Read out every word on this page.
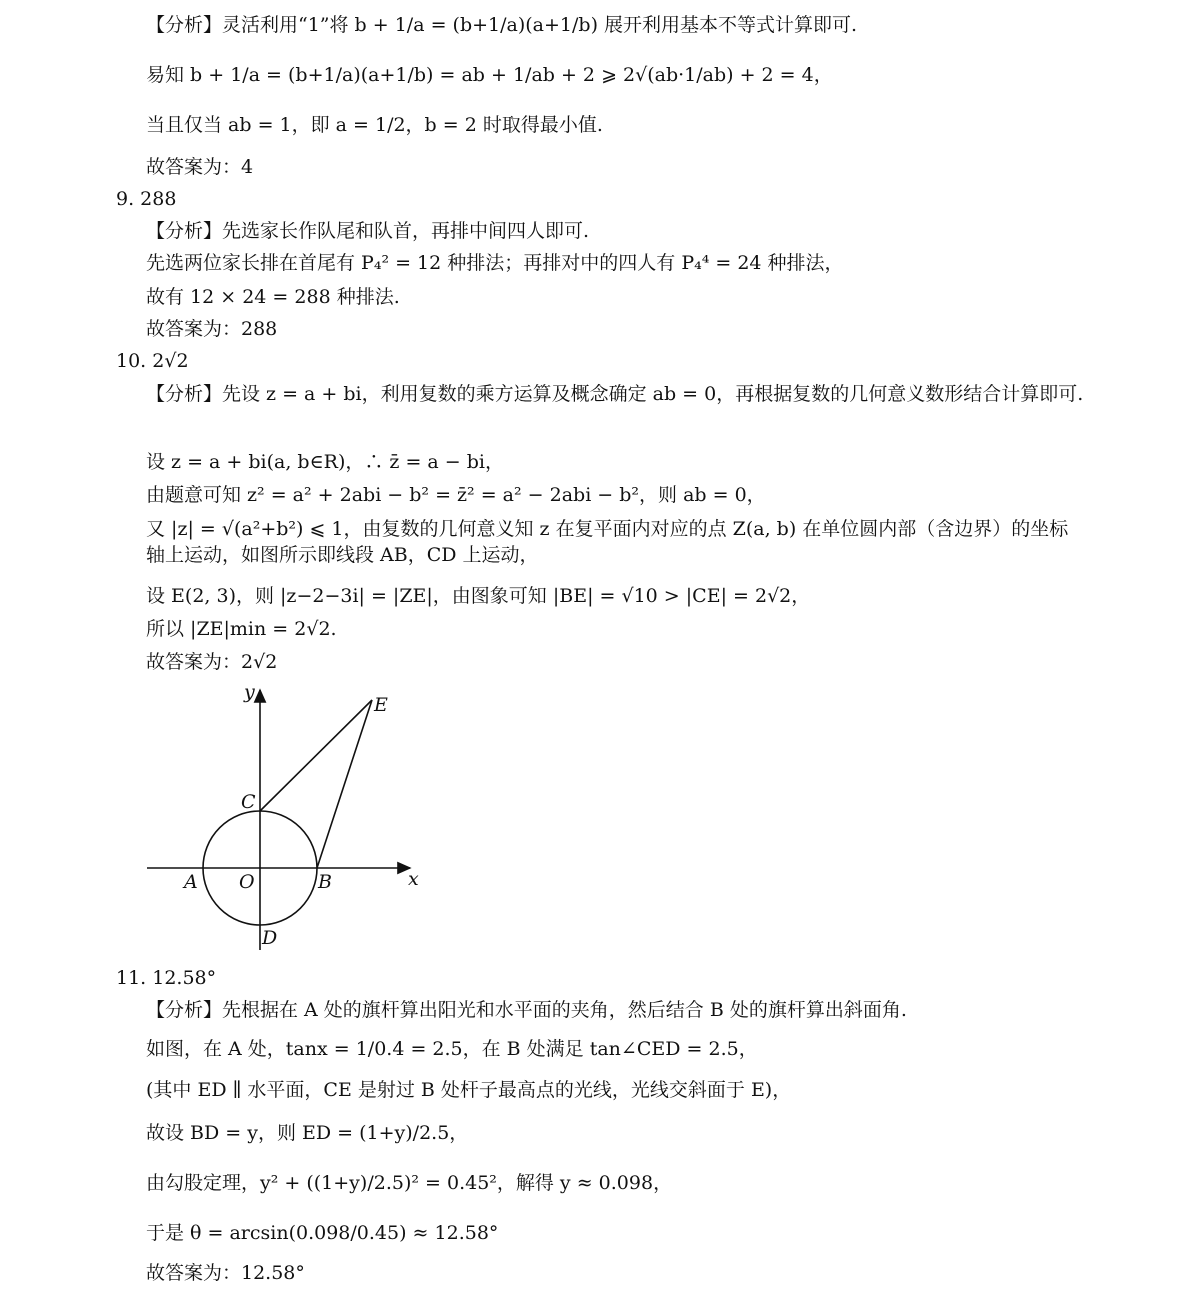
【分析】灵活利用“1”将 b + 1/a = (b+1/a)(a+1/b) 展开利用基本不等式计算即可.
易知 b + 1/a = (b+1/a)(a+1/b) = ab + 1/ab + 2 ⩾ 2√(ab·1/ab) + 2 = 4，
当且仅当 ab = 1，即 a = 1/2，b = 2 时取得最小值.
故答案为：4
9. 288
【分析】先选家长作队尾和队首，再排中间四人即可.
先选两位家长排在首尾有 P₄² = 12 种排法；再排对中的四人有 P₄⁴ = 24 种排法，
故有 12 × 24 = 288 种排法.
故答案为：288
10. 2√2
【分析】先设 z = a + bi，利用复数的乘方运算及概念确定 ab = 0，再根据复数的几何意义数形结合计算即可.
设 z = a + bi(a, b∈R)，∴ z̄ = a − bi，
由题意可知 z² = a² + 2abi − b² = z̄² = a² − 2abi − b²，则 ab = 0，
又 |z| = √(a²+b²) ⩽ 1，由复数的几何意义知 z 在复平面内对应的点 Z(a, b) 在单位圆内部（含边界）的坐标轴上运动，如图所示即线段 AB，CD 上运动，
设 E(2, 3)，则 |z−2−3i| = |ZE|，由图象可知 |BE| = √10 > |CE| = 2√2，
所以 |ZE|min = 2√2.
故答案为：2√2
y
x
E
C
A O	B
D
11. 12.58°
【分析】先根据在 A 处的旗杆算出阳光和水平面的夹角，然后结合 B 处的旗杆算出斜面角.
如图，在 A 处，tanx = 1/0.4 = 2.5，在 B 处满足 tan∠CED = 2.5，
(其中 ED ∥ 水平面，CE 是射过 B 处杆子最高点的光线，光线交斜面于 E)，
故设 BD = y，则 ED = (1+y)/2.5，
由勾股定理，y² + ((1+y)/2.5)² = 0.45²，解得 y ≈ 0.098，
于是 θ = arcsin(0.098/0.45) ≈ 12.58°
故答案为：12.58°
